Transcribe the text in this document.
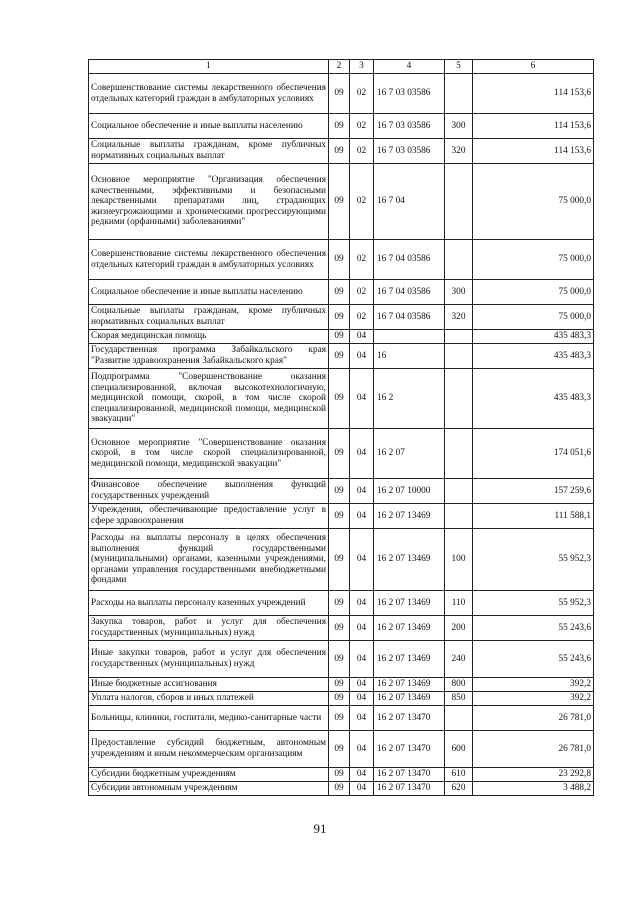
1	2	3	4	5	6
Совершенствование системы лекарственного обеспечения отдельных категорий граждан в амбулаторных условиях	09	02	16 7 03 03586		114 153,6
Социальное обеспечение и иные выплаты населению	09	02	16 7 03 03586	300	114 153,6
Социальные выплаты гражданам, кроме публичных нормативных социальных выплат	09	02	16 7 03 03586	320	114 153,6
Основное мероприятие "Организация обеспечения качественными, эффективными и безопасными лекарственными препаратами лиц, страдающих жизнеугрожающими и хроническими прогрессирующими редкими (орфанными) заболеваниями"	09	02	16 7 04		75 000,0
Совершенствование системы лекарственного обеспечения отдельных категорий граждан в амбулаторных условиях	09	02	16 7 04 03586		75 000,0
Социальное обеспечение и иные выплаты населению	09	02	16 7 04 03586	300	75 000,0
Социальные выплаты гражданам, кроме публичных нормативных социальных выплат	09	02	16 7 04 03586	320	75 000,0
Скорая медицинская помощь	09	04			435 483,3
Государственная программа Забайкальского края "Развитие здравоохранения Забайкальского края"	09	04	16		435 483,3
Подпрограмма "Совершенствование оказания специализированной, включая высокотехнологичную, медицинской помощи, скорой, в том числе скорой специализированной, медицинской помощи, медицинской эвакуации"	09	04	16 2		435 483,3
Основное мероприятие "Совершенствование оказания скорой, в том числе скорой специализированной, медицинской помощи, медицинской эвакуации"	09	04	16 2 07		174 051,6
Финансовое обеспечение выполнения функций государственных учреждений	09	04	16 2 07 10000		157 259,6
Учреждения, обеспечивающие предоставление услуг в сфере здравоохранения	09	04	16 2 07 13469		111 588,1
Расходы на выплаты персоналу в целях обеспечения выполнения функций государственными (муниципальными) органами, казенными учреждениями, органами управления государственными внебюджетными фондами	09	04	16 2 07 13469	100	55 952,3
Расходы на выплаты персоналу казенных учреждений	09	04	16 2 07 13469	110	55 952,3
Закупка товаров, работ и услуг для обеспечения государственных (муниципальных) нужд	09	04	16 2 07 13469	200	55 243,6
Иные закупки товаров, работ и услуг для обеспечения государственных (муниципальных) нужд	09	04	16 2 07 13469	240	55 243,6
Иные бюджетные ассигнования	09	04	16 2 07 13469	800	392,2
Уплата налогов, сборов и иных платежей	09	04	16 2 07 13469	850	392,2
Больницы, клиники, госпитали, медико-санитарные части	09	04	16 2 07 13470		26 781,0
Предоставление субсидий бюджетным, автономным учреждениям и иным некоммерческим организациям	09	04	16 2 07 13470	600	26 781,0
Субсидии бюджетным учреждениям	09	04	16 2 07 13470	610	23 292,8
Субсидии автономным учреждениям	09	04	16 2 07 13470	620	3 488,2
91
